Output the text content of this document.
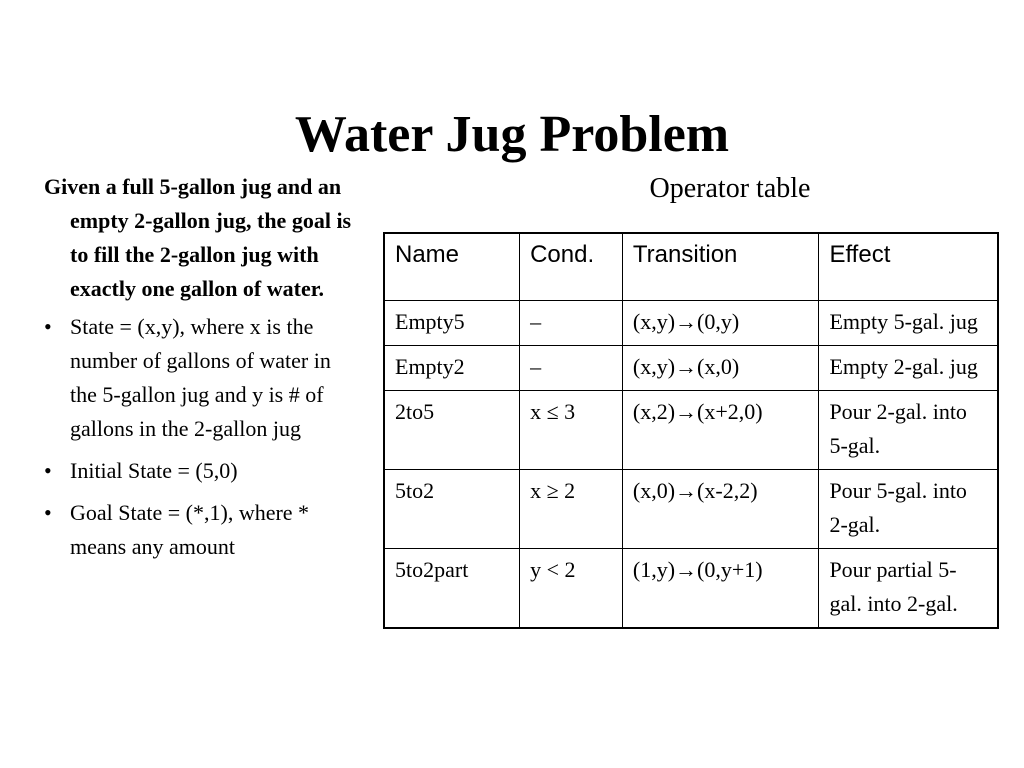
Water Jug Problem

Given a full 5-gallon jug and an empty 2-gallon jug, the goal is to fill the 2-gallon jug with exactly one gallon of water.

• State = (x,y), where x is the number of gallons of water in the 5-gallon jug and y is # of gallons in the 2-gallon jug
• Initial State = (5,0)
• Goal State = (*,1), where * means any amount
Operator table
Name	Cond.	Transition	Effect
Empty5	–	(x,y)→(0,y)	Empty 5-gal. jug
Empty2	–	(x,y)→(x,0)	Empty 2-gal. jug
2to5	x ≤ 3	(x,2)→(x+2,0)	Pour 2-gal. into 5-gal.
5to2	x ≥ 2	(x,0)→(x-2,2)	Pour 5-gal. into 2-gal.
5to2part	y < 2	(1,y)→(0,y+1)	Pour partial 5-gal. into 2-gal.
